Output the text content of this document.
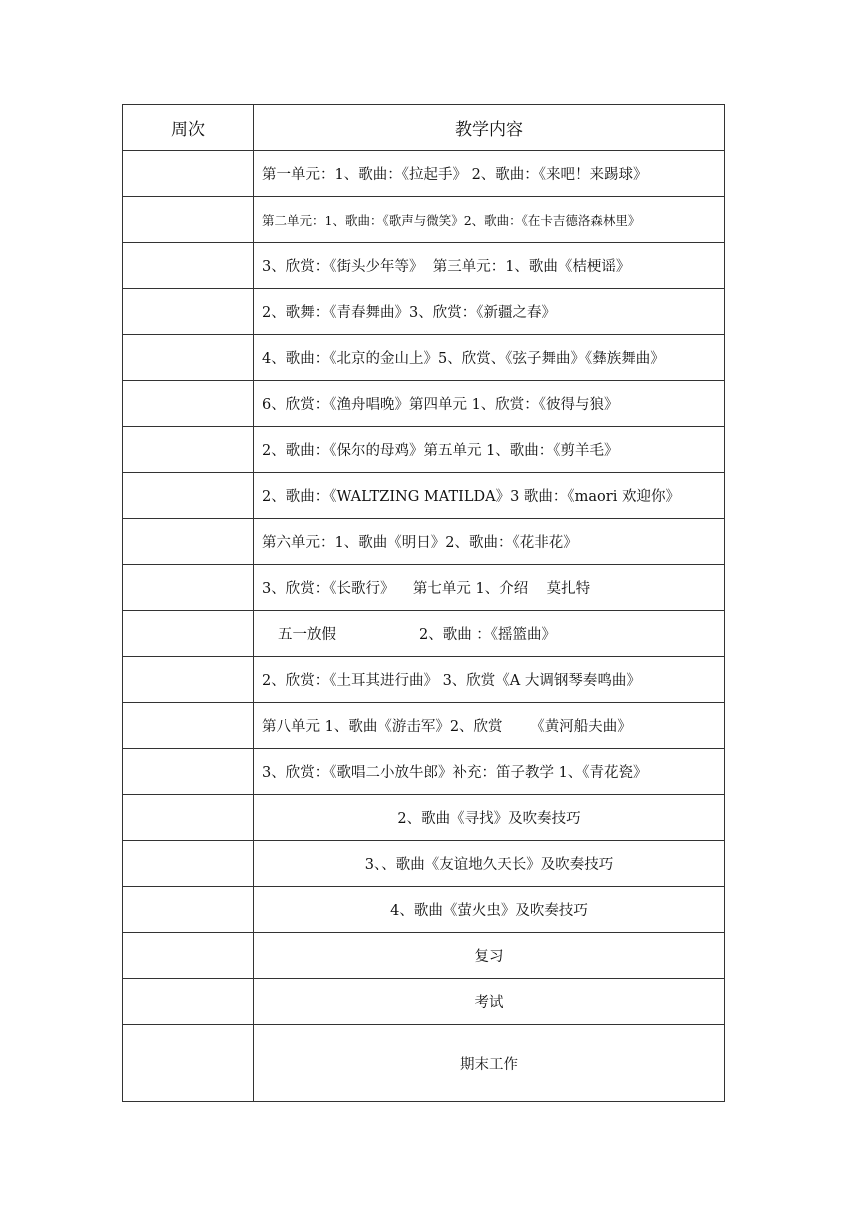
周次	教学内容
	第一单元：1、歌曲：《拉起手》 2、歌曲：《来吧！来踢球》
	第二单元：1、歌曲：《歌声与微笑》2、歌曲：《在卡吉德洛森林里》
	3、欣赏：《街头少年等》  第三单元：1、歌曲《桔梗谣》
	2、歌舞：《青春舞曲》3、欣赏：《新疆之春》
	4、歌曲：《北京的金山上》5、欣赏、《弦子舞曲》《彝族舞曲》
	6、欣赏：《渔舟唱晚》第四单元 1、欣赏：《彼得与狼》
	2、歌曲：《保尔的母鸡》第五单元 1、歌曲：《剪羊毛》
	2、歌曲：《WALTZING MATILDA》3 歌曲：《maori 欢迎你》
	第六单元：1、歌曲《明日》2、歌曲：《花非花》
	3、欣赏：《长歌行》    第七单元 1、介绍    莫扎特
	五一放假                  2、歌曲 ：《摇篮曲》
	2、欣赏：《土耳其进行曲》 3、欣赏《A 大调钢琴奏鸣曲》
	第八单元 1、歌曲《游击军》2、欣赏      《黄河船夫曲》
	3、欣赏：《歌唱二小放牛郎》补充：笛子教学 1、《青花瓷》
	2、歌曲《寻找》及吹奏技巧
	3、、歌曲《友谊地久天长》及吹奏技巧
	4、歌曲《萤火虫》及吹奏技巧
	复习
	考试
	期末工作
